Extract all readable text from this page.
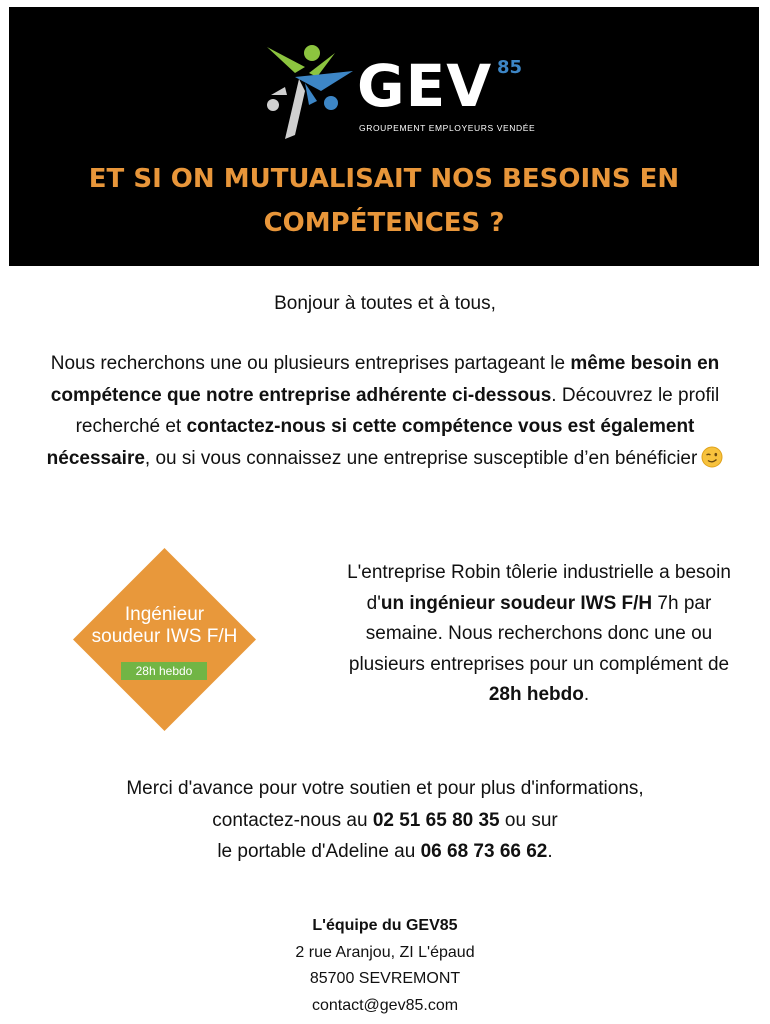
GEV 85
GROUPEMENT EMPLOYEURS VENDÉE
ET SI ON MUTUALISAIT NOS BESOINS EN
COMPÉTENCES ?
Bonjour à toutes et à tous,
Nous recherchons une ou plusieurs entreprises partageant le même besoin en compétence que notre entreprise adhérente ci-dessous. Découvrez le profil recherché et contactez-nous si cette compétence vous est également nécessaire, ou si vous connaissez une entreprise susceptible d’en bénéficier
Ingénieur
soudeur IWS F/H
28h hebdo
L'entreprise Robin tôlerie industrielle a besoin d'un ingénieur soudeur IWS F/H 7h par semaine. Nous recherchons donc une ou plusieurs entreprises pour un complément de 28h hebdo.
Merci d'avance pour votre soutien et pour plus d'informations,
contactez-nous au 02 51 65 80 35 ou sur
le portable d'Adeline au 06 68 73 66 62.
L'équipe du GEV85
2 rue Aranjou, ZI L'épaud
85700 SEVREMONT
contact@gev85.com
